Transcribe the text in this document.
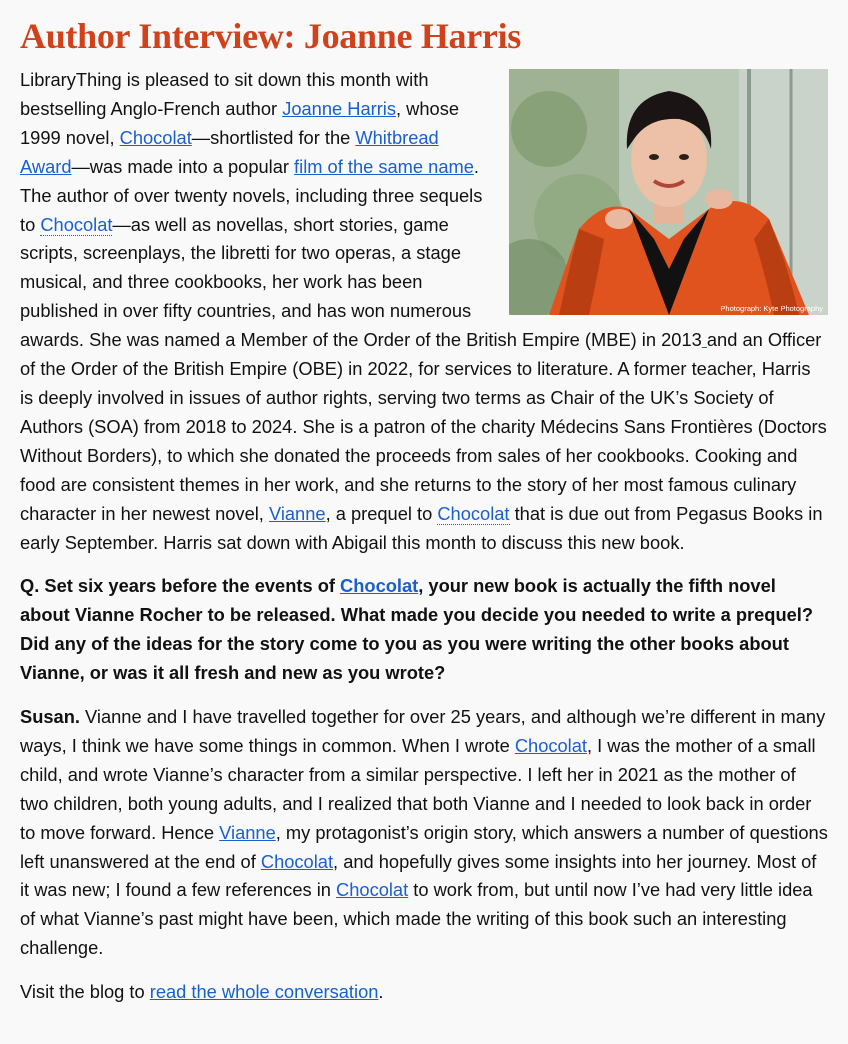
Author Interview: Joanne Harris
Photograph: Kyte Photography

LibraryThing is pleased to sit down this month with bestselling Anglo-French author Joanne Harris, whose 1999 novel, Chocolat—shortlisted for the Whitbread Award—was made into a popular film of the same name. The author of over twenty novels, including three sequels to Chocolat—as well as novellas, short stories, game scripts, screenplays, the libretti for two operas, a stage musical, and three cookbooks, her work has been published in over fifty countries, and has won numerous awards. She was named a Member of the Order of the British Empire (MBE) in 2013 and an Officer of the Order of the British Empire (OBE) in 2022, for services to literature. A former teacher, Harris is deeply involved in issues of author rights, serving two terms as Chair of the UK’s Society of Authors (SOA) from 2018 to 2024. She is a patron of the charity Médecins Sans Frontières (Doctors Without Borders), to which she donated the proceeds from sales of her cookbooks. Cooking and food are consistent themes in her work, and she returns to the story of her most famous culinary character in her newest novel, Vianne, a prequel to Chocolat that is due out from Pegasus Books in early September. Harris sat down with Abigail this month to discuss this new book.

Q. Set six years before the events of Chocolat, your new book is actually the fifth novel about Vianne Rocher to be released. What made you decide you needed to write a prequel? Did any of the ideas for the story come to you as you were writing the other books about Vianne, or was it all fresh and new as you wrote?

Susan. Vianne and I have travelled together for over 25 years, and although we’re different in many ways, I think we have some things in common. When I wrote Chocolat, I was the mother of a small child, and wrote Vianne’s character from a similar perspective. I left her in 2021 as the mother of two children, both young adults, and I realized that both Vianne and I needed to look back in order to move forward. Hence Vianne, my protagonist’s origin story, which answers a number of questions left unanswered at the end of Chocolat, and hopefully gives some insights into her journey. Most of it was new; I found a few references in Chocolat to work from, but until now I’ve had very little idea of what Vianne’s past might have been, which made the writing of this book such an interesting challenge.

Visit the blog to read the whole conversation.
